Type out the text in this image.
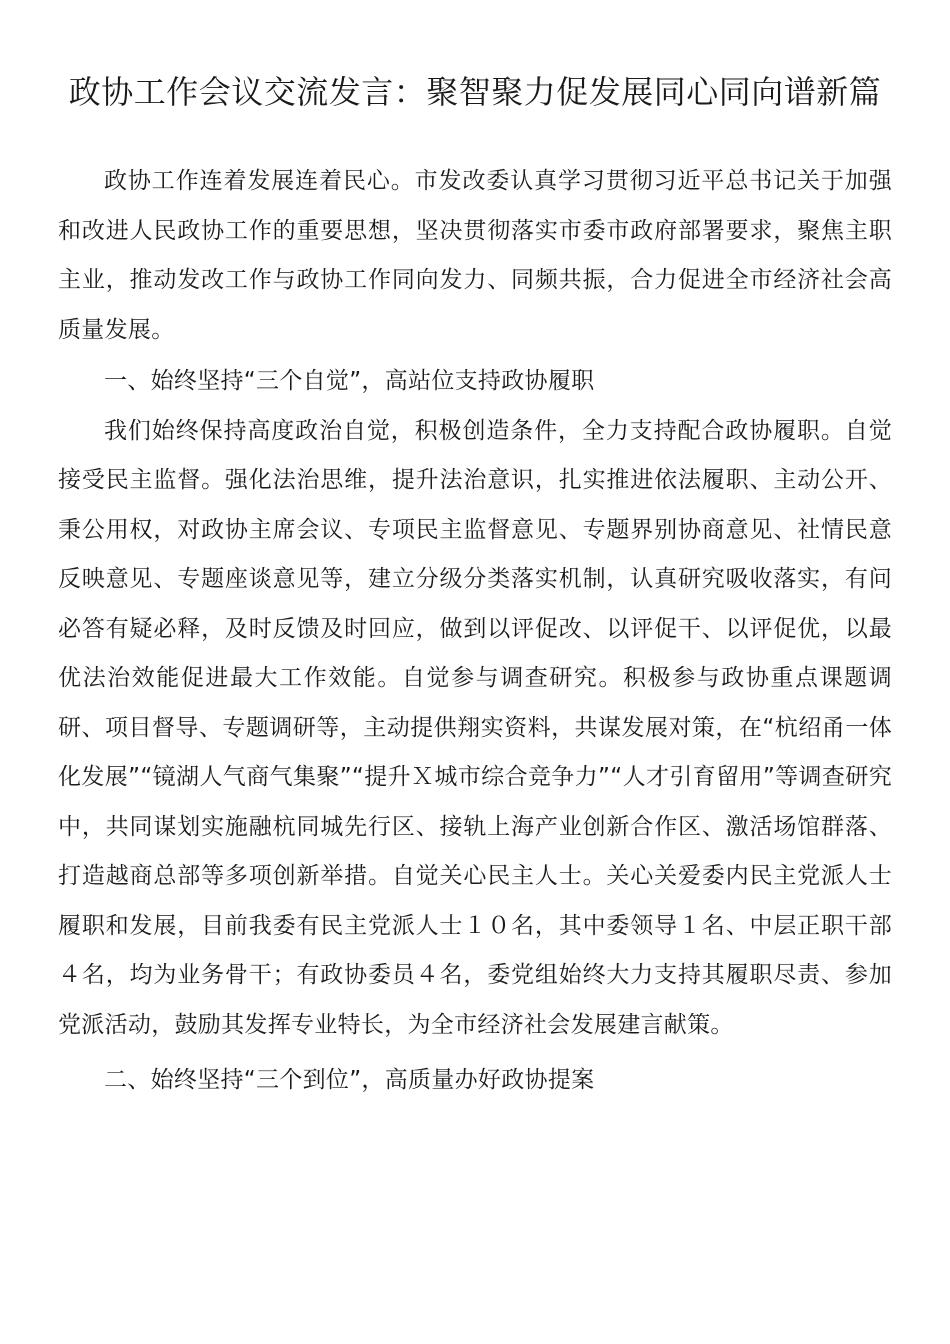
政协工作会议交流发言：聚智聚力促发展同心同向谱新篇

政协工作连着发展连着民心。市发改委认真学习贯彻习近平总书记关于加强和改进人民政协工作的重要思想，坚决贯彻落实市委市政府部署要求，聚焦主职主业，推动发改工作与政协工作同向发力、同频共振，合力促进全市经济社会高质量发展。

一、始终坚持“三个自觉”，高站位支持政协履职

我们始终保持高度政治自觉，积极创造条件，全力支持配合政协履职。自觉接受民主监督。强化法治思维，提升法治意识，扎实推进依法履职、主动公开、秉公用权，对政协主席会议、专项民主监督意见、专题界别协商意见、社情民意反映意见、专题座谈意见等，建立分级分类落实机制，认真研究吸收落实，有问必答有疑必释，及时反馈及时回应，做到以评促改、以评促干、以评促优，以最优法治效能促进最大工作效能。自觉参与调查研究。积极参与政协重点课题调研、项目督导、专题调研等，主动提供翔实资料，共谋发展对策，在“杭绍甬一体化发展”“镜湖人气商气集聚”“提升Ｘ城市综合竞争力”“人才引育留用”等调查研究中，共同谋划实施融杭同城先行区、接轨上海产业创新合作区、激活场馆群落、打造越商总部等多项创新举措。自觉关心民主人士。关心关爱委内民主党派人士履职和发展，目前我委有民主党派人士１０名，其中委领导１名、中层正职干部４名，均为业务骨干；有政协委员４名，委党组始终大力支持其履职尽责、参加党派活动，鼓励其发挥专业特长，为全市经济社会发展建言献策。

二、始终坚持“三个到位”，高质量办好政协提案
